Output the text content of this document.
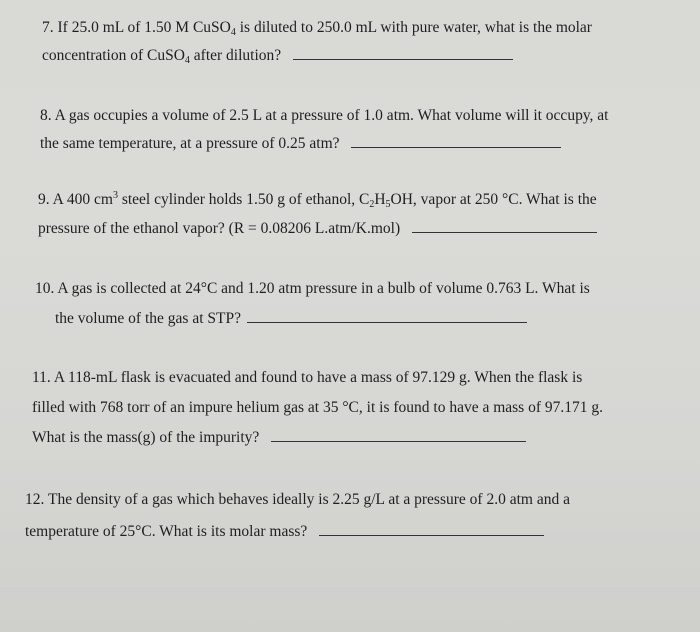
7. If 25.0 mL of 1.50 M CuSO$_4$ is diluted to 250.0 mL with pure water, what is the molar
concentration of CuSO$_4$ after dilution?
8. A gas occupies a volume of 2.5 L at a pressure of 1.0 atm. What volume will it occupy, at
the same temperature, at a pressure of 0.25 atm?
9. A 400 $cm^3$ steel cylinder holds 1.50 g of ethanol, $C_2H_5OH$, vapor at 250 °C. What is the
pressure of the ethanol vapor? (R = 0.08206 L.atm/K.mol)
10. A gas is collected at 24°C and 1.20 atm pressure in a bulb of volume 0.763 L. What is
the volume of the gas at STP?
11. A 118-mL flask is evacuated and found to have a mass of 97.129 g. When the flask is
filled with 768 torr of an impure helium gas at 35 °C, it is found to have a mass of 97.171 g.
What is the mass(g) of the impurity?
12. The density of a gas which behaves ideally is 2.25 g/L at a pressure of 2.0 atm and a
temperature of 25°C. What is its molar mass?
